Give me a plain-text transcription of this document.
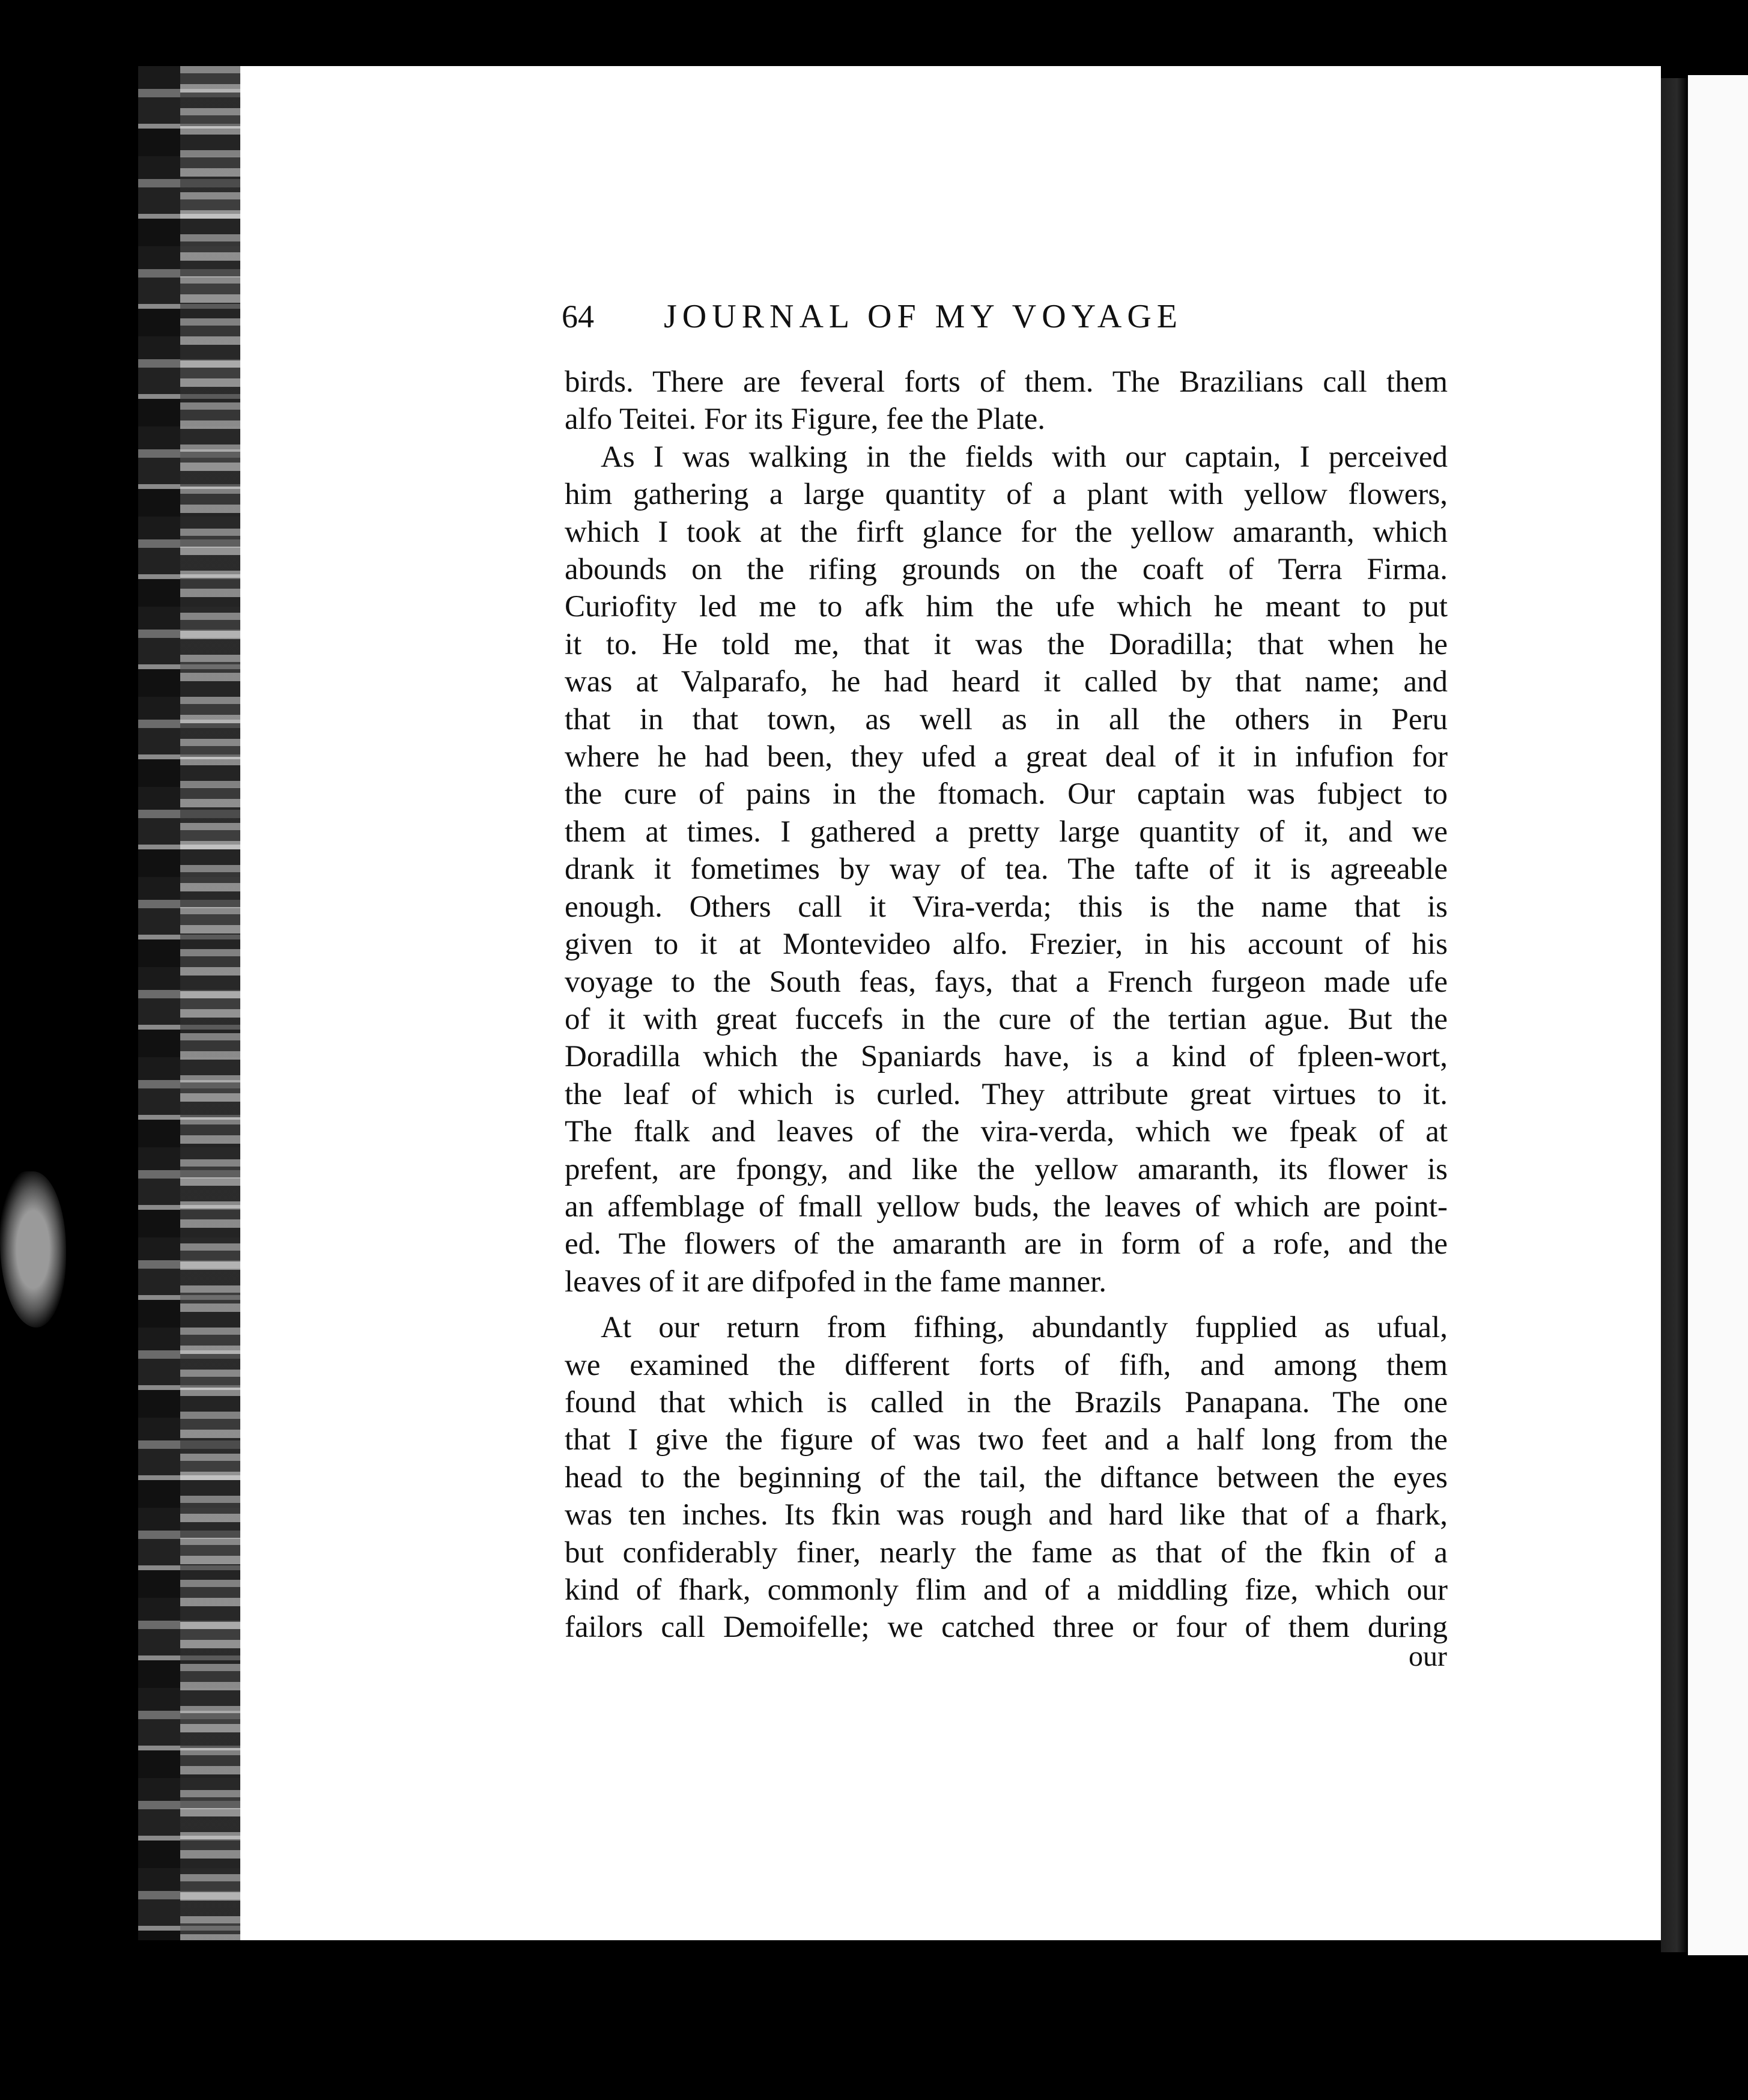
64	JOURNAL OF MY VOYAGE
birds. There are feveral forts of them. The Brazilians call them
alfo Teitei. For its Figure, fee the Plate.
As I was walking in the fields with our captain, I perceived
him gathering a large quantity of a plant with yellow flowers,
which I took at the firft glance for the yellow amaranth, which
abounds on the rifing grounds on the coaft of Terra Firma.
Curiofity led me to afk him the ufe which he meant to put
it to. He told me, that it was the Doradilla; that when he
was at Valparafo, he had heard it called by that name; and
that in that town, as well as in all the others in Peru
where he had been, they ufed a great deal of it in infufion for
the cure of pains in the ftomach. Our captain was fubject to
them at times. I gathered a pretty large quantity of it, and we
drank it fometimes by way of tea. The tafte of it is agreeable
enough. Others call it Vira-verda; this is the name that is
given to it at Montevideo alfo. Frezier, in his account of his
voyage to the South feas, fays, that a French furgeon made ufe
of it with great fuccefs in the cure of the tertian ague. But the
Doradilla which the Spaniards have, is a kind of fpleen-wort,
the leaf of which is curled. They attribute great virtues to it.
The ftalk and leaves of the vira-verda, which we fpeak of at
prefent, are fpongy, and like the yellow amaranth, its flower is
an affemblage of fmall yellow buds, the leaves of which are point-
ed. The flowers of the amaranth are in form of a rofe, and the
leaves of it are difpofed in the fame manner.
At our return from fifhing, abundantly fupplied as ufual,
we examined the different forts of fifh, and among them
found that which is called in the Brazils Panapana. The one
that I give the figure of was two feet and a half long from the
head to the beginning of the tail, the diftance between the eyes
was ten inches. Its fkin was rough and hard like that of a fhark,
but confiderably finer, nearly the fame as that of the fkin of a
kind of fhark, commonly flim and of a middling fize, which our
failors call Demoifelle; we catched three or four of them during
our
